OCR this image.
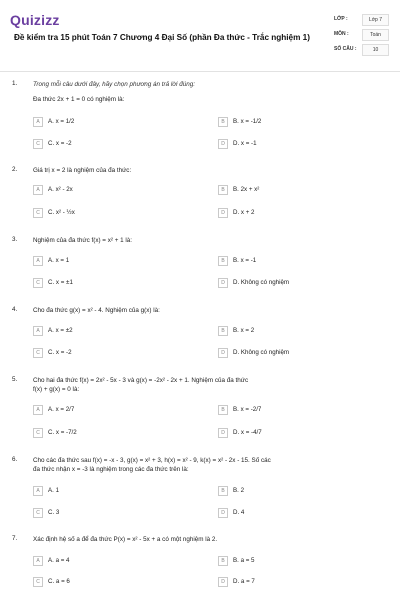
Quizizz
Đề kiểm tra 15 phút Toán 7 Chương 4 Đại Số (phần Đa thức - Trắc nghiệm 1)
LỚP :	Lớp 7
MÔN :	Toán
SỐ CÂU :	10
1. Trong mỗi câu dưới đây, hãy chọn phương án trả lời đúng:
Đa thức 2x + 1 = 0 có nghiệm là:
A	A. x = 1/2	B	B. x = -1/2
C	C. x = -2	D	D. x = -1
2. Giá trị x = 2 là nghiệm của đa thức:
A	A. x² - 2x	B	B. 2x + x²
C	C. x² - ½x	D	D. x + 2
3. Nghiệm của đa thức f(x) = x² + 1 là:
A	A. x = 1	B	B. x = -1
C	C. x = ±1	D	D. Không có nghiệm
4. Cho đa thức g(x) = x² - 4. Nghiệm của g(x) là:
A	A. x = ±2	B	B. x = 2
C	C. x = -2	D	D. Không có nghiệm
5. Cho hai đa thức f(x) = 2x² - 5x - 3 và g(x) = -2x² - 2x + 1. Nghiệm của đa thức
f(x) + g(x) = 0 là:
A	A. x = 2/7	B	B. x = -2/7
C	C. x = -7/2	D	D. x = -4/7
6. Cho các đa thức sau f(x) = -x - 3, g(x) = x² + 3, h(x) = x² - 9, k(x) = x² - 2x - 15. Số các
đa thức nhận x = -3 là nghiệm trong các đa thức trên là:
A	A. 1	B	B. 2
C	C. 3	D	D. 4
7. Xác định hệ số a để đa thức P(x) = x² - 5x + a có một nghiệm là 2.
A	A. a = 4	B	B. a = 5
C	C. a = 6	D	D. a = 7
